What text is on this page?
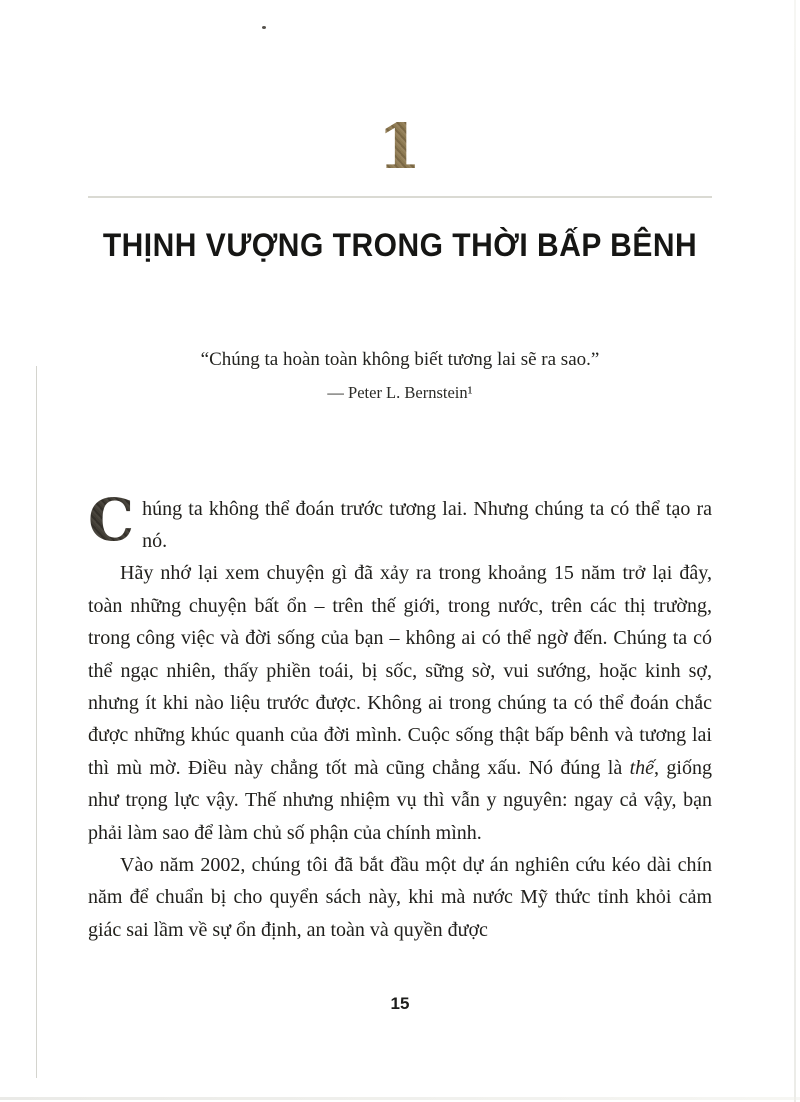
1
THỊNH VƯỢNG TRONG THỜI BẤP BÊNH
“Chúng ta hoàn toàn không biết tương lai sẽ ra sao.”
— Peter L. Bernstein¹

C húng ta không thể đoán trước tương lai. Nhưng chúng ta có thể tạo ra nó.

Hãy nhớ lại xem chuyện gì đã xảy ra trong khoảng 15 năm trở lại đây, toàn những chuyện bất ổn – trên thế giới, trong nước, trên các thị trường, trong công việc và đời sống của bạn – không ai có thể ngờ đến. Chúng ta có thể ngạc nhiên, thấy phiền toái, bị sốc, sững sờ, vui sướng, hoặc kinh sợ, nhưng ít khi nào liệu trước được. Không ai trong chúng ta có thể đoán chắc được những khúc quanh của đời mình. Cuộc sống thật bấp bênh và tương lai thì mù mờ. Điều này chẳng tốt mà cũng chẳng xấu. Nó đúng là thế, giống như trọng lực vậy. Thế nhưng nhiệm vụ thì vẫn y nguyên: ngay cả vậy, bạn phải làm sao để làm chủ số phận của chính mình.

Vào năm 2002, chúng tôi đã bắt đầu một dự án nghiên cứu kéo dài chín năm để chuẩn bị cho quyển sách này, khi mà nước Mỹ thức tỉnh khỏi cảm giác sai lầm về sự ổn định, an toàn và quyền được

15
